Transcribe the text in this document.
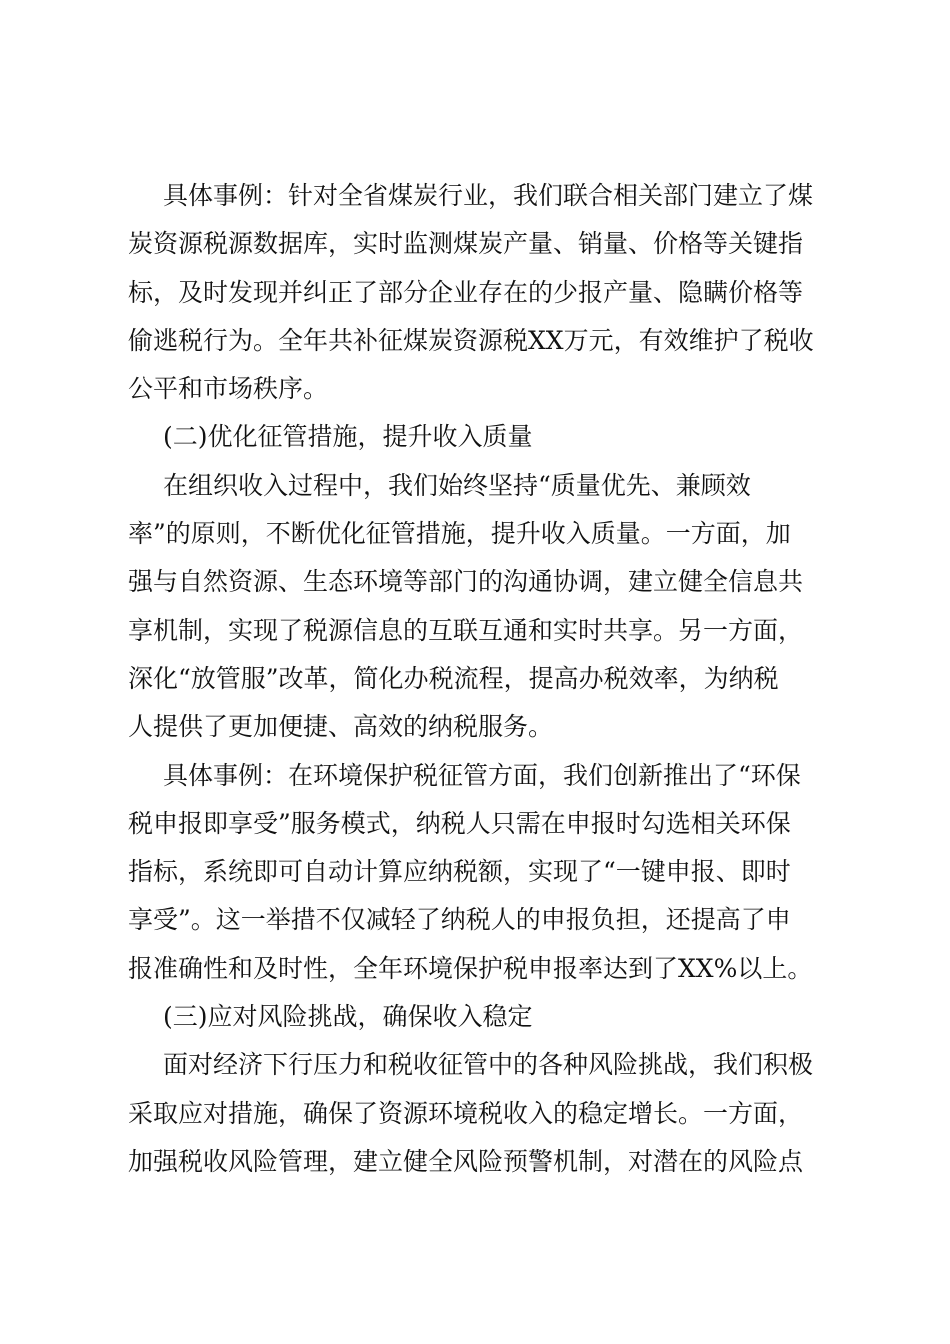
具体事例：针对全省煤炭行业，我们联合相关部门建立了煤
炭资源税源数据库，实时监测煤炭产量、销量、价格等关键指
标，及时发现并纠正了部分企业存在的少报产量、隐瞒价格等
偷逃税行为。全年共补征煤炭资源税XX万元，有效维护了税收
公平和市场秩序。
(二)优化征管措施，提升收入质量
在组织收入过程中，我们始终坚持“质量优先、兼顾效
率”的原则，不断优化征管措施，提升收入质量。一方面，加
强与自然资源、生态环境等部门的沟通协调，建立健全信息共
享机制，实现了税源信息的互联互通和实时共享。另一方面，
深化“放管服”改革，简化办税流程，提高办税效率，为纳税
人提供了更加便捷、高效的纳税服务。
具体事例：在环境保护税征管方面，我们创新推出了“环保
税申报即享受”服务模式，纳税人只需在申报时勾选相关环保
指标，系统即可自动计算应纳税额，实现了“一键申报、即时
享受”。这一举措不仅减轻了纳税人的申报负担，还提高了申
报准确性和及时性，全年环境保护税申报率达到了XX%以上。
(三)应对风险挑战，确保收入稳定
面对经济下行压力和税收征管中的各种风险挑战，我们积极
采取应对措施，确保了资源环境税收入的稳定增长。一方面，
加强税收风险管理，建立健全风险预警机制，对潜在的风险点
